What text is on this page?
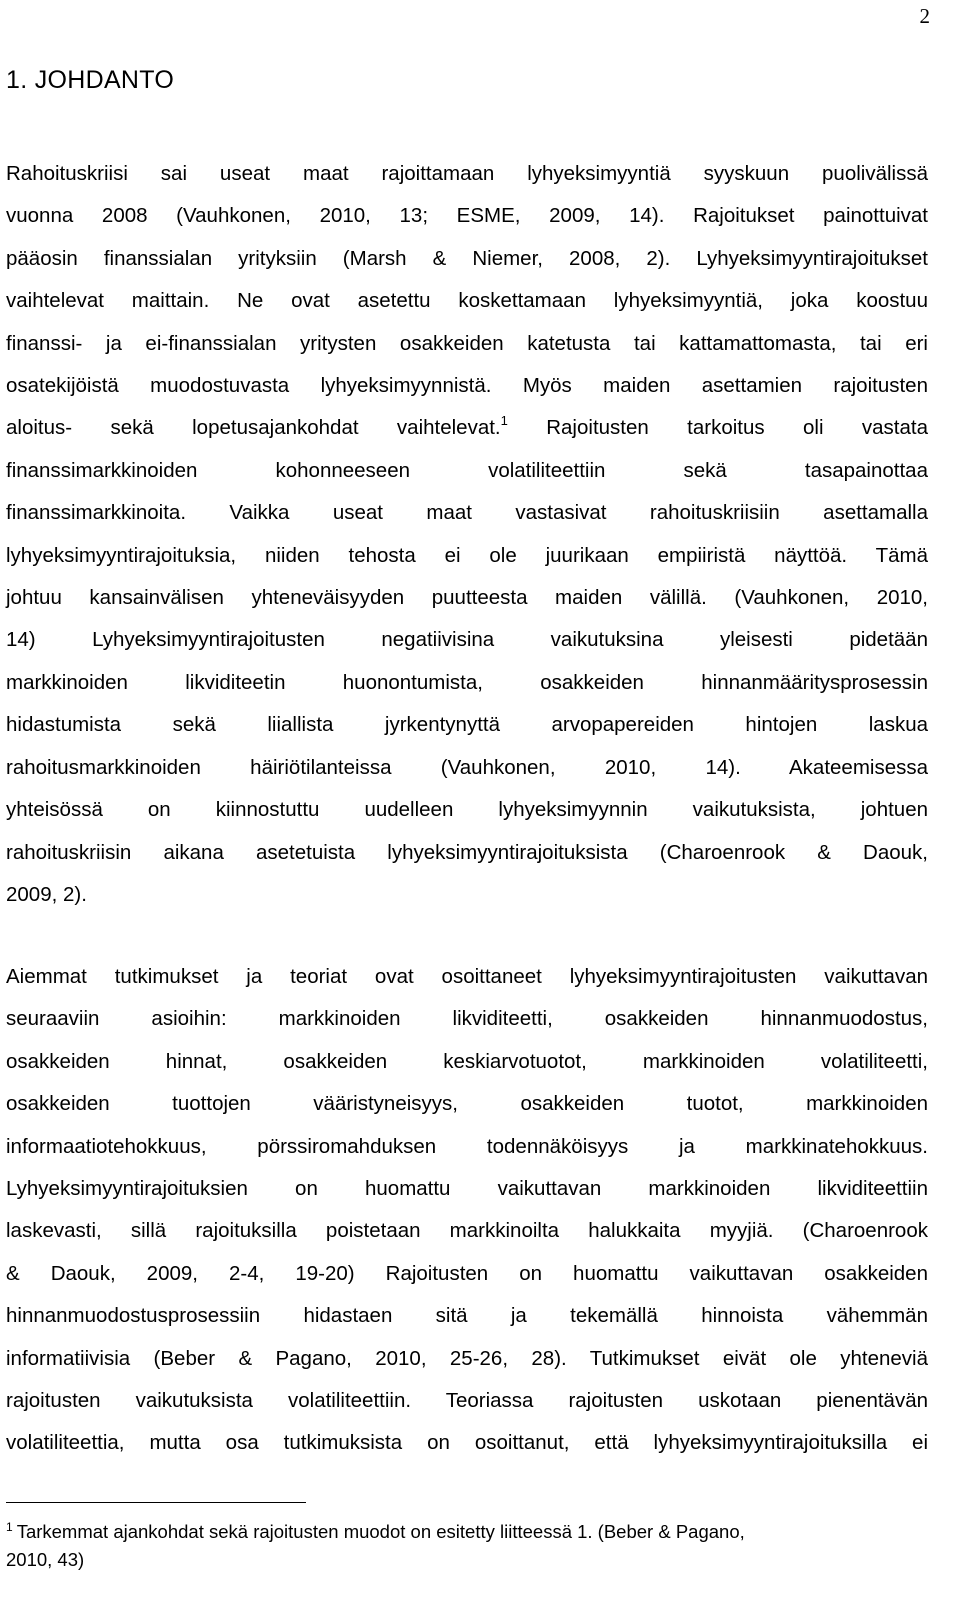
2
1. JOHDANTO
Rahoituskriisi sai useat maat rajoittamaan lyhyeksimyyntiä syyskuun puolivälissä
vuonna 2008 (Vauhkonen, 2010, 13; ESME, 2009, 14). Rajoitukset painottuivat
pääosin finanssialan yrityksiin (Marsh & Niemer, 2008, 2). Lyhyeksimyyntirajoitukset
vaihtelevat maittain. Ne ovat asetettu koskettamaan lyhyeksimyyntiä, joka koostuu
finanssi- ja ei-finanssialan yritysten osakkeiden katetusta tai kattamattomasta, tai eri
osatekijöistä muodostuvasta lyhyeksimyynnistä. Myös maiden asettamien rajoitusten
aloitus- sekä lopetusajankohdat vaihtelevat.$^1$ Rajoitusten tarkoitus oli vastata
finanssimarkkinoiden kohonneeseen volatiliteettiin sekä tasapainottaa
finanssimarkkinoita. Vaikka useat maat vastasivat rahoituskriisiin asettamalla
lyhyeksimyyntirajoituksia, niiden tehosta ei ole juurikaan empiiristä näyttöä. Tämä
johtuu kansainvälisen yhteneväisyyden puutteesta maiden välillä. (Vauhkonen, 2010,
14) Lyhyeksimyyntirajoitusten negatiivisina vaikutuksina yleisesti pidetään
markkinoiden likviditeetin huonontumista, osakkeiden hinnanmääritysprosessin
hidastumista sekä liiallista jyrkentynyttä arvopapereiden hintojen laskua
rahoitusmarkkinoiden häiriötilanteissa (Vauhkonen, 2010, 14). Akateemisessa
yhteisössä on kiinnostuttu uudelleen lyhyeksimyynnin vaikutuksista, johtuen
rahoituskriisin aikana asetetuista lyhyeksimyyntirajoituksista (Charoenrook & Daouk,
2009, 2).
Aiemmat tutkimukset ja teoriat ovat osoittaneet lyhyeksimyyntirajoitusten vaikuttavan
seuraaviin asioihin: markkinoiden likviditeetti, osakkeiden hinnanmuodostus,
osakkeiden hinnat, osakkeiden keskiarvotuotot, markkinoiden volatiliteetti,
osakkeiden tuottojen vääristyneisyys, osakkeiden tuotot, markkinoiden
informaatiotehokkuus, pörssiromahduksen todennäköisyys ja markkinatehokkuus.
Lyhyeksimyyntirajoituksien on huomattu vaikuttavan markkinoiden likviditeettiin
laskevasti, sillä rajoituksilla poistetaan markkinoilta halukkaita myyjiä. (Charoenrook
& Daouk, 2009, 2-4, 19-20) Rajoitusten on huomattu vaikuttavan osakkeiden
hinnanmuodostusprosessiin hidastaen sitä ja tekemällä hinnoista vähemmän
informatiivisia (Beber & Pagano, 2010, 25-26, 28). Tutkimukset eivät ole yhteneviä
rajoitusten vaikutuksista volatiliteettiin. Teoriassa rajoitusten uskotaan pienentävän
volatiliteettia, mutta osa tutkimuksista on osoittanut, että lyhyeksimyyntirajoituksilla ei
$^1$ Tarkemmat ajankohdat sekä rajoitusten muodot on esitetty liitteessä 1. (Beber & Pagano,
2010, 43)
